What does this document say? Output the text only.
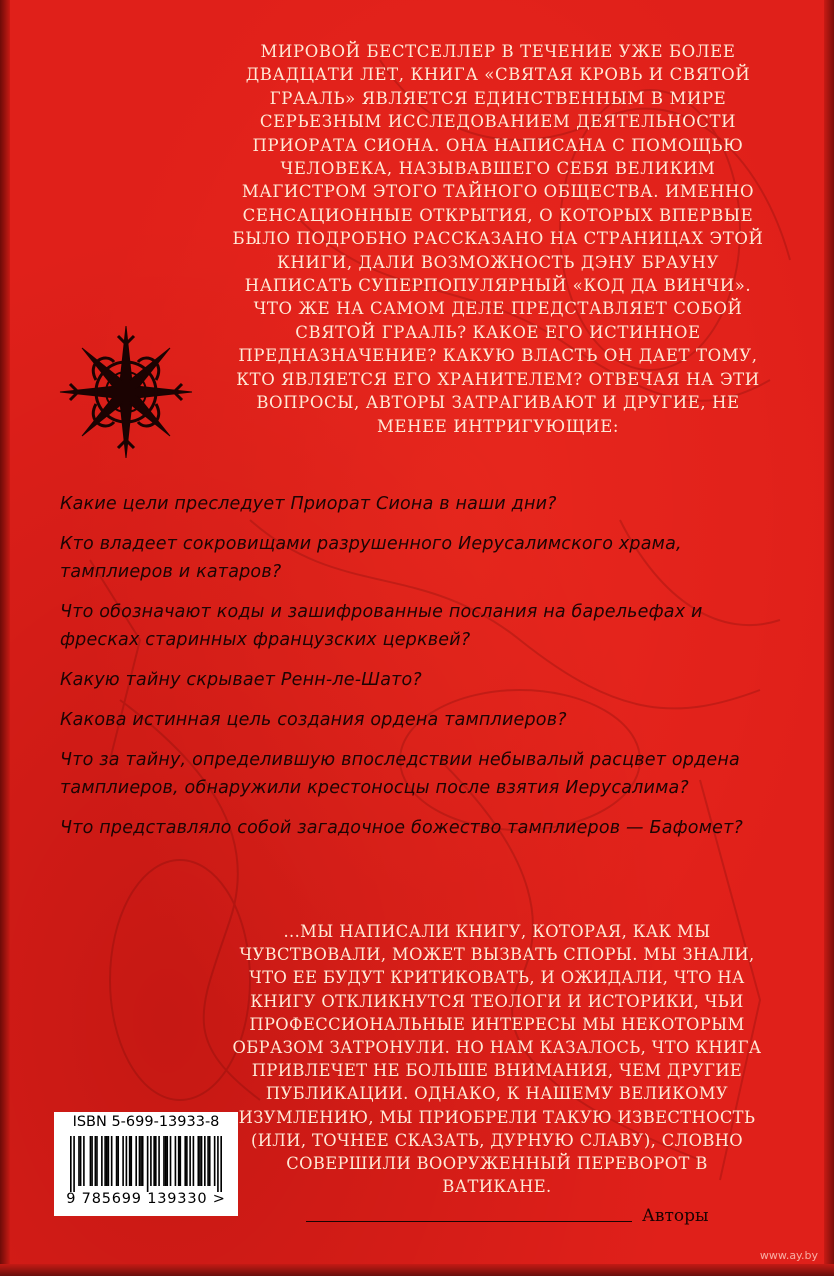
МИРОВОЙ БЕСТСЕЛЛЕР В ТЕЧЕНИЕ УЖЕ БОЛЕЕ ДВАДЦАТИ ЛЕТ, КНИГА «СВЯТАЯ КРОВЬ И СВЯТОЙ ГРААЛЬ» ЯВЛЯЕТСЯ ЕДИНСТВЕННЫМ В МИРЕ СЕРЬЕЗНЫМ ИССЛЕДОВАНИЕМ ДЕЯТЕЛЬНОСТИ ПРИОРАТА СИОНА. ОНА НАПИСАНА С ПОМОЩЬЮ ЧЕЛОВЕКА, НАЗЫВАВШЕГО СЕБЯ ВЕЛИКИМ МАГИСТРОМ ЭТОГО ТАЙНОГО ОБЩЕСТВА. ИМЕННО СЕНСАЦИОННЫЕ ОТКРЫТИЯ, О КОТОРЫХ ВПЕРВЫЕ БЫЛО ПОДРОБНО РАССКАЗАНО НА СТРАНИЦАХ ЭТОЙ КНИГИ, ДАЛИ ВОЗМОЖНОСТЬ ДЭНУ БРАУНУ НАПИСАТЬ СУПЕРПОПУЛЯРНЫЙ «КОД ДА ВИНЧИ». ЧТО ЖЕ НА САМОМ ДЕЛЕ ПРЕДСТАВЛЯЕТ СОБОЙ СВЯТОЙ ГРААЛЬ? КАКОЕ ЕГО ИСТИННОЕ ПРЕДНАЗНАЧЕНИЕ? КАКУЮ ВЛАСТЬ ОН ДАЕТ ТОМУ, КТО ЯВЛЯЕТСЯ ЕГО ХРАНИТЕЛЕМ? ОТВЕЧАЯ НА ЭТИ ВОПРОСЫ, АВТОРЫ ЗАТРАГИВАЮТ И ДРУГИЕ, НЕ МЕНЕЕ ИНТРИГУЮЩИЕ:

Какие цели преследует Приорат Сиона в наши дни?
Кто владеет сокровищами разрушенного Иерусалимского храма, тамплиеров и катаров?
Что обозначают коды и зашифрованные послания на барельефах и фресках старинных французских церквей?
Какую тайну скрывает Ренн-ле-Шато?
Какова истинная цель создания ордена тамплиеров?
Что за тайну, определившую впоследствии небывалый расцвет ордена тамплиеров, обнаружили крестоносцы после взятия Иерусалима?
Что представляло собой загадочное божество тамплиеров — Бафомет?

...МЫ НАПИСАЛИ КНИГУ, КОТОРАЯ, КАК МЫ ЧУВСТВОВАЛИ, МОЖЕТ ВЫЗВАТЬ СПОРЫ. МЫ ЗНАЛИ, ЧТО ЕЕ БУДУТ КРИТИКОВАТЬ, И ОЖИДАЛИ, ЧТО НА КНИГУ ОТКЛИКНУТСЯ ТЕОЛОГИ И ИСТОРИКИ, ЧЬИ ПРОФЕССИОНАЛЬНЫЕ ИНТЕРЕСЫ МЫ НЕКОТОРЫМ ОБРАЗОМ ЗАТРОНУЛИ. НО НАМ КАЗАЛОСЬ, ЧТО КНИГА ПРИВЛЕЧЕТ НЕ БОЛЬШЕ ВНИМАНИЯ, ЧЕМ ДРУГИЕ ПУБЛИКАЦИИ. ОДНАКО, К НАШЕМУ ВЕЛИКОМУ ИЗУМЛЕНИЮ, МЫ ПРИОБРЕЛИ ТАКУЮ ИЗВЕСТНОСТЬ (ИЛИ, ТОЧНЕЕ СКАЗАТЬ, ДУРНУЮ СЛАВУ), СЛОВНО СОВЕРШИЛИ ВООРУЖЕННЫЙ ПЕРЕВОРОТ В ВАТИКАНЕ.

Авторы
ISBN 5-699-13933-8
9 785699 139330 >
www.ay.by
